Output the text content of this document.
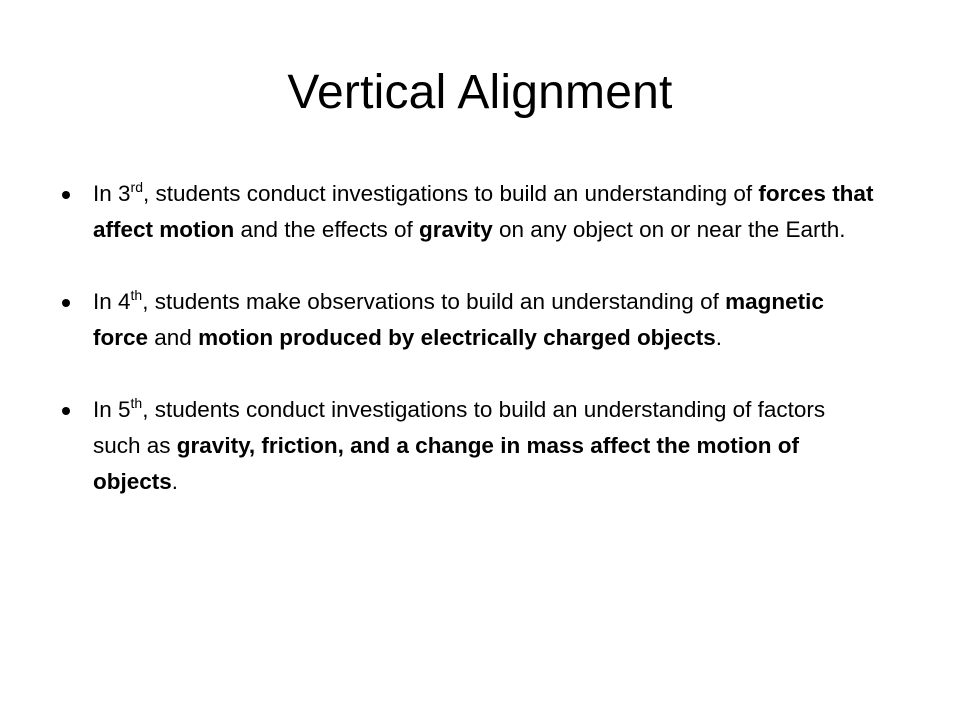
Vertical Alignment
In 3rd, students conduct investigations to build an understanding of forces that affect motion and the effects of gravity on any object on or near the Earth.
In 4th, students make observations to build an understanding of magnetic force and motion produced by electrically charged objects.
In 5th, students conduct investigations to build an understanding of factors such as gravity, friction, and a change in mass affect the motion of objects.
